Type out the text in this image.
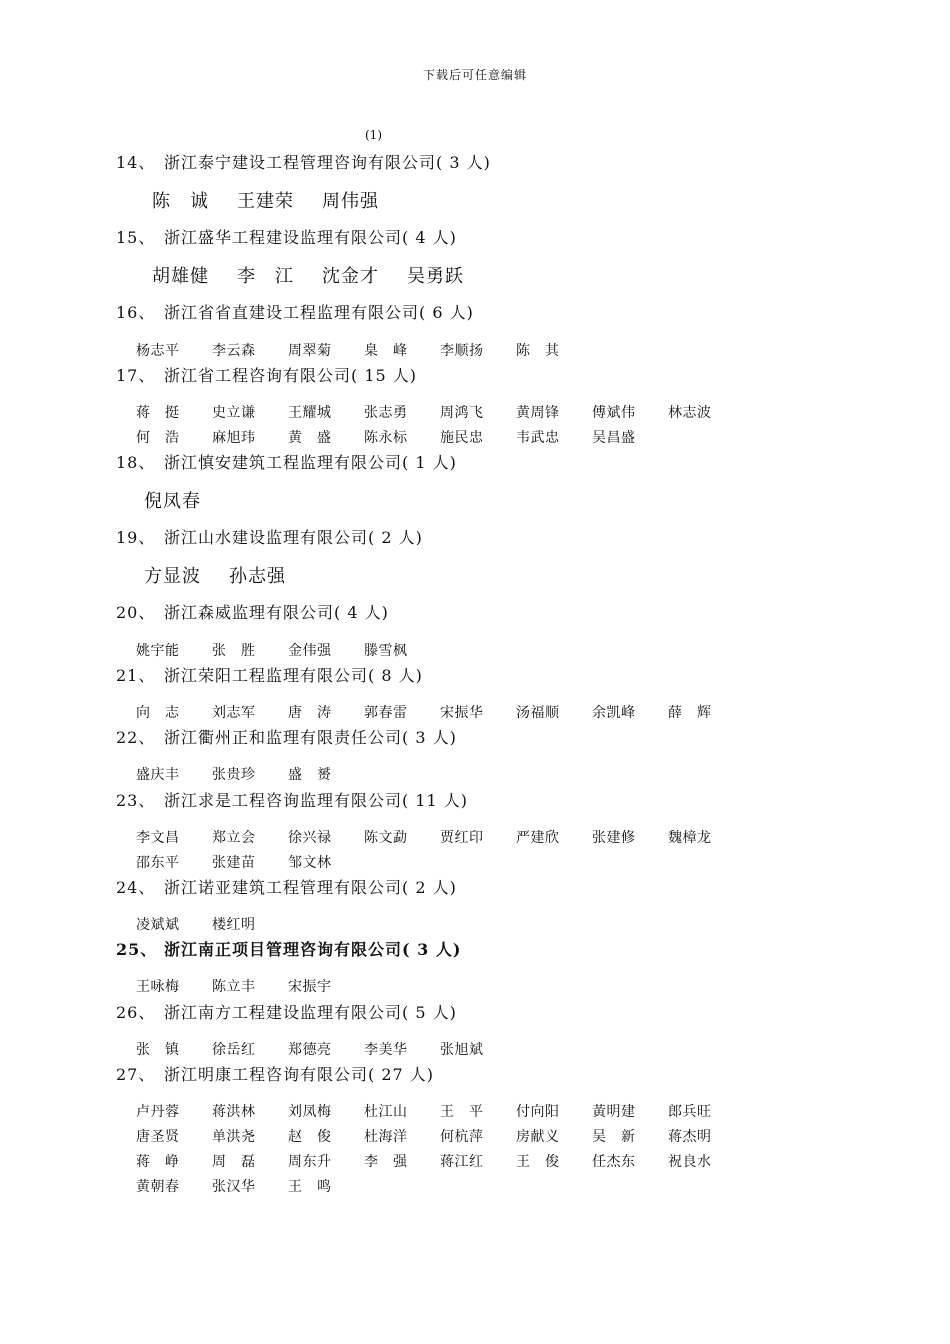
下载后可任意编辑
(1)
14、 浙江泰宁建设工程管理咨询有限公司( 3 人)
陈　诚 王建荣 周伟强
15、 浙江盛华工程建设监理有限公司( 4 人)
胡雄健 李　江 沈金才 吴勇跃
16、 浙江省省直建设工程监理有限公司( 6 人)
杨志平 李云森 周翠菊 臬　峰 李顺扬 陈　其
17、 浙江省工程咨询有限公司( 15 人)
蒋　挺 史立谦 王耀城 张志勇 周鸿飞 黄周锋 傅斌伟 林志波
何　浩 麻旭玮 黄　盛 陈永标 施民忠 韦武忠 吴昌盛
18、 浙江慎安建筑工程监理有限公司( 1 人)
倪凤春
19、 浙江山水建设监理有限公司( 2 人)
方显波 孙志强
20、 浙江森威监理有限公司( 4 人)
姚宇能 张　胜 金伟强 滕雪枫
21、 浙江荣阳工程监理有限公司( 8 人)
向　志 刘志军 唐　涛 郭春雷 宋振华 汤福顺 余凯峰 薛　辉
22、 浙江衢州正和监理有限责任公司( 3 人)
盛庆丰 张贵珍 盛　赟
23、 浙江求是工程咨询监理有限公司( 11 人)
李文昌 郑立会 徐兴禄 陈文勐 贾红印 严建欣 张建修 魏樟龙
邵东平 张建苗 邹文林
24、 浙江诺亚建筑工程管理有限公司( 2 人)
凌斌斌 楼红明
25、 浙江南正项目管理咨询有限公司( 3 人)
王咏梅 陈立丰 宋振宇
26、 浙江南方工程建设监理有限公司( 5 人)
张　镇 徐岳红 郑德亮 李美华 张旭斌
27、 浙江明康工程咨询有限公司( 27 人)
卢丹蓉 蒋洪林 刘凤梅 杜江山 王　平 付向阳 黃明建 郎兵旺
唐圣贤 单洪尧 赵　俊 杜海洋 何杭萍 房献义 吴　新 蒋杰明
蒋　峥 周　磊 周东升 李　强 蒋江红 王　俊 任杰东 祝良水
黄朝春 张汉华 王　鸣
